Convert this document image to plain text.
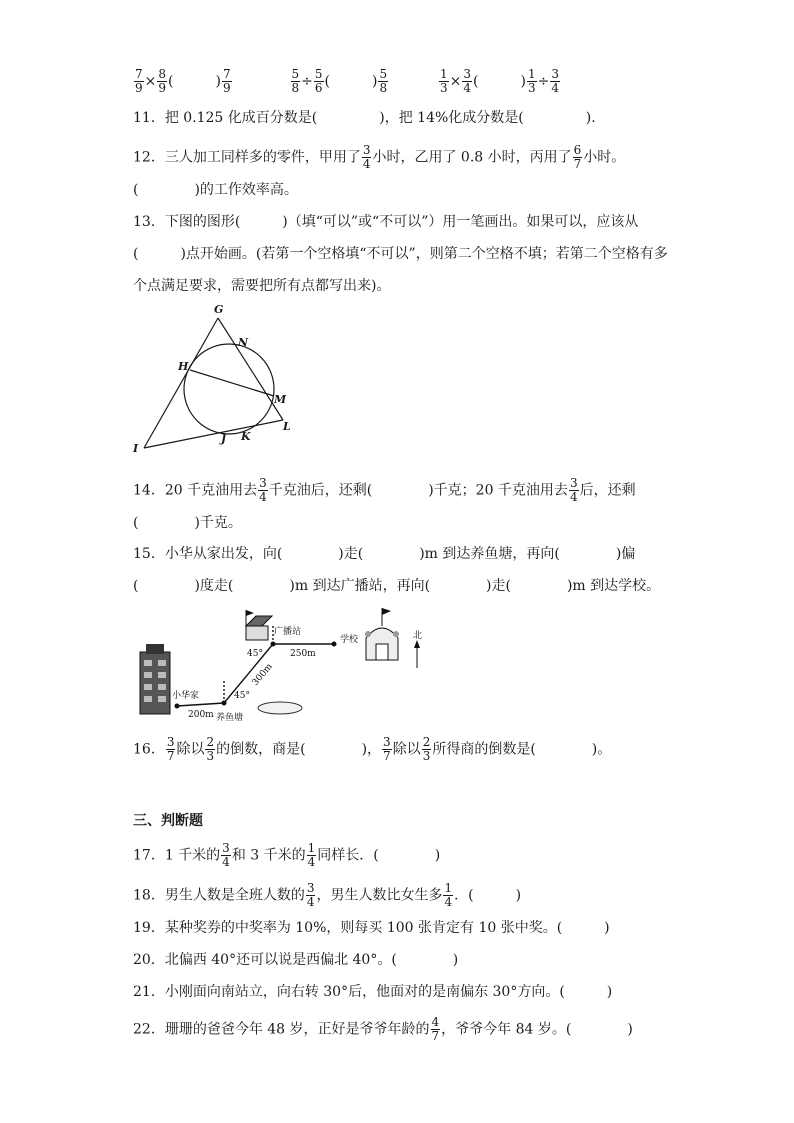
$\frac{7}{9} \times \frac{8}{9}$ (　　　) $\frac{7}{9}$
	$\frac{5}{8} \div \frac{5}{6}$ (　　　) $\frac{5}{8}$
	$\frac{1}{3} \times \frac{3}{4}$ (　　　) $\frac{1}{3} \div \frac{3}{4}$
11．把 0.125 化成百分数是(	)，把 14%化成分数是(	).
12．三人加工同样多的零件，甲用了 $\frac{3}{4}$ 小时，乙用了 0.8 小时，丙用了 $\frac{6}{7}$ 小时。
(　　　　)的工作效率高。
13．下图的图形(　　　)（填“可以”或“不可以”）用一笔画出。如果可以，应该从
(　　　)点开始画。(若第一个空格填“不可以”，则第二个空格不填；若第二个空格有多
个点满足要求，需要把所有点都写出来)。
G
N
H
M
L
I
J K
14．20 千克油用去 $\frac{3}{4}$ 千克油后，还剩(	)千克；20 千克油用去 $\frac{3}{4}$ 后，还剩
(　　　　)千克。
15．小华从家出发，向(　　　　)走(　　　　)m 到达养鱼塘，再向(　　　　)偏
(　　　　)度走(　　　　)m 到达广播站，再向(　　　　)走(　　　　)m 到达学校。
小华家
养鱼塘
广播站
学校	北
200m
250m
45°
45°
300m
16． $\frac{3}{7}$ 除以 $\frac{2}{3}$ 的倒数，商是(	)， $\frac{3}{7}$ 除以 $\frac{2}{3}$ 所得商的倒数是(	)。
三、判断题
17．1 千米的 $\frac{3}{4}$ 和 3 千米的 $\frac{1}{4}$ 同样长．(　　　　)
18．男生人数是全班人数的 $\frac{3}{4}$ ，男生人数比女生多 $\frac{1}{4}$ ．(　　　)
19．某种奖券的中奖率为 10%，则每买 100 张肯定有 10 张中奖。(　　　)
20．北偏西 40°还可以说是西偏北 40°。(　　　　)
21．小刚面向南站立，向右转 30°后，他面对的是南偏东 30°方向。(　　　)
22．珊珊的爸爸今年 48 岁，正好是爷爷年龄的 $\frac{4}{7}$ ，爷爷今年 84 岁。(　　　　)
